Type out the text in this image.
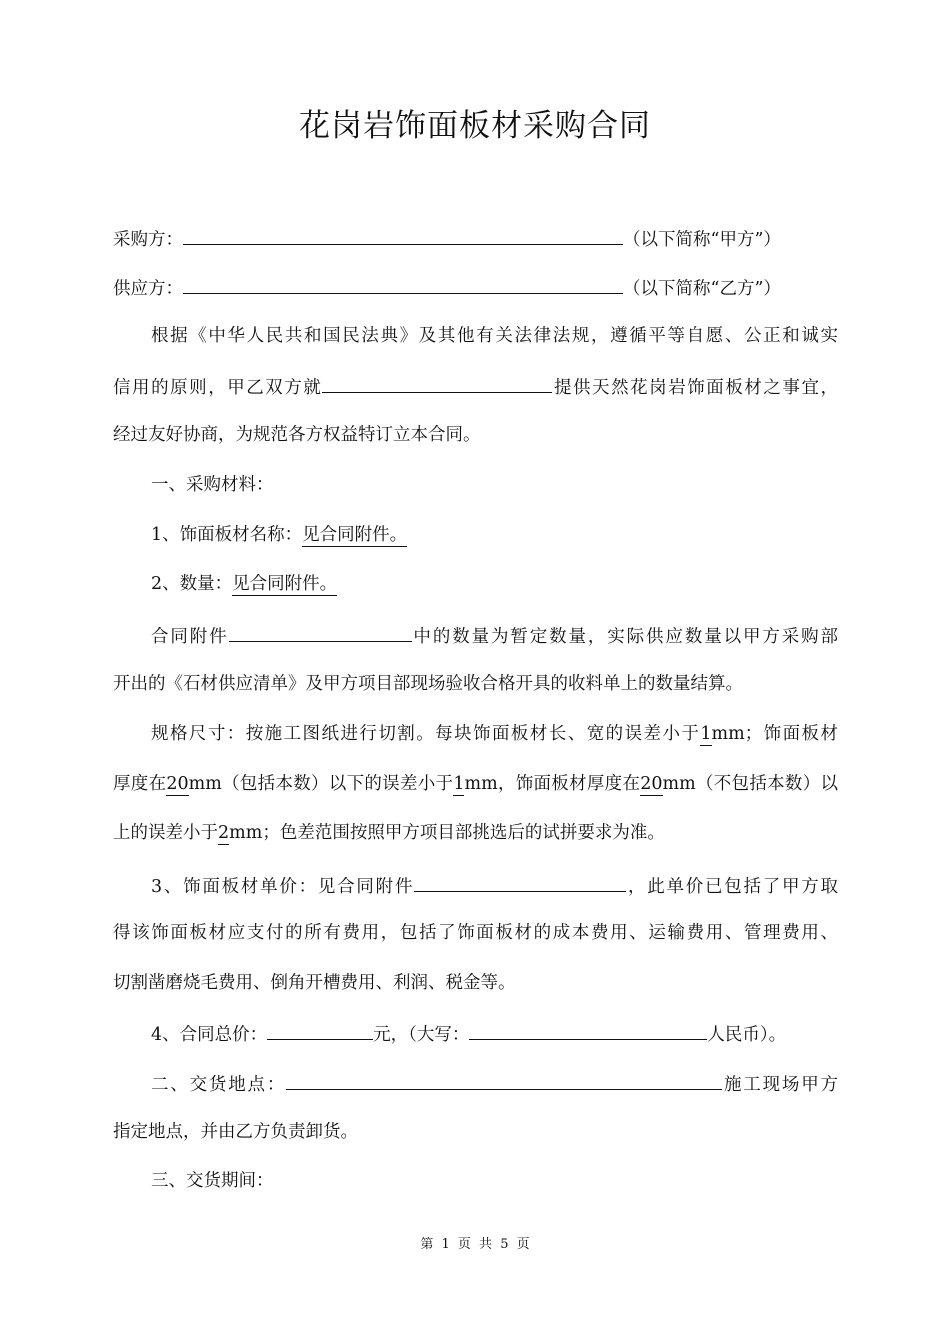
花岗岩饰面板材采购合同
采购方：	（以下简称“甲方”）
供应方：	（以下简称“乙方”）
根据《中华人民共和国民法典》及其他有关法律法规，遵循平等自愿、公正和诚实
信用的原则，甲乙双方就	提供天然花岗岩饰面板材之事宜，
经过友好协商，为规范各方权益特订立本合同。
一、采购材料：
1、饰面板材名称：见合同附件。
2、数量：见合同附件。
合同附件	中的数量为暂定数量，实际供应数量以甲方采购部
开出的《石材供应清单》及甲方项目部现场验收合格开具的收料单上的数量结算。
规格尺寸：按施工图纸进行切割。每块饰面板材长、宽的误差小于1mm；饰面板材
厚度在20mm（包括本数）以下的误差小于1mm，饰面板材厚度在20mm（不包括本数）以
上的误差小于2mm；色差范围按照甲方项目部挑选后的试拼要求为准。
3、饰面板材单价：见合同附件	，此单价已包括了甲方取
得该饰面板材应支付的所有费用，包括了饰面板材的成本费用、运输费用、管理费用、
切割凿磨烧毛费用、倒角开槽费用、利润、税金等。
4、合同总价：	元，（大写：	人民币）。
二、交货地点：	施工现场甲方
指定地点，并由乙方负责卸货。
三、交货期间：
第 1 页 共 5 页
